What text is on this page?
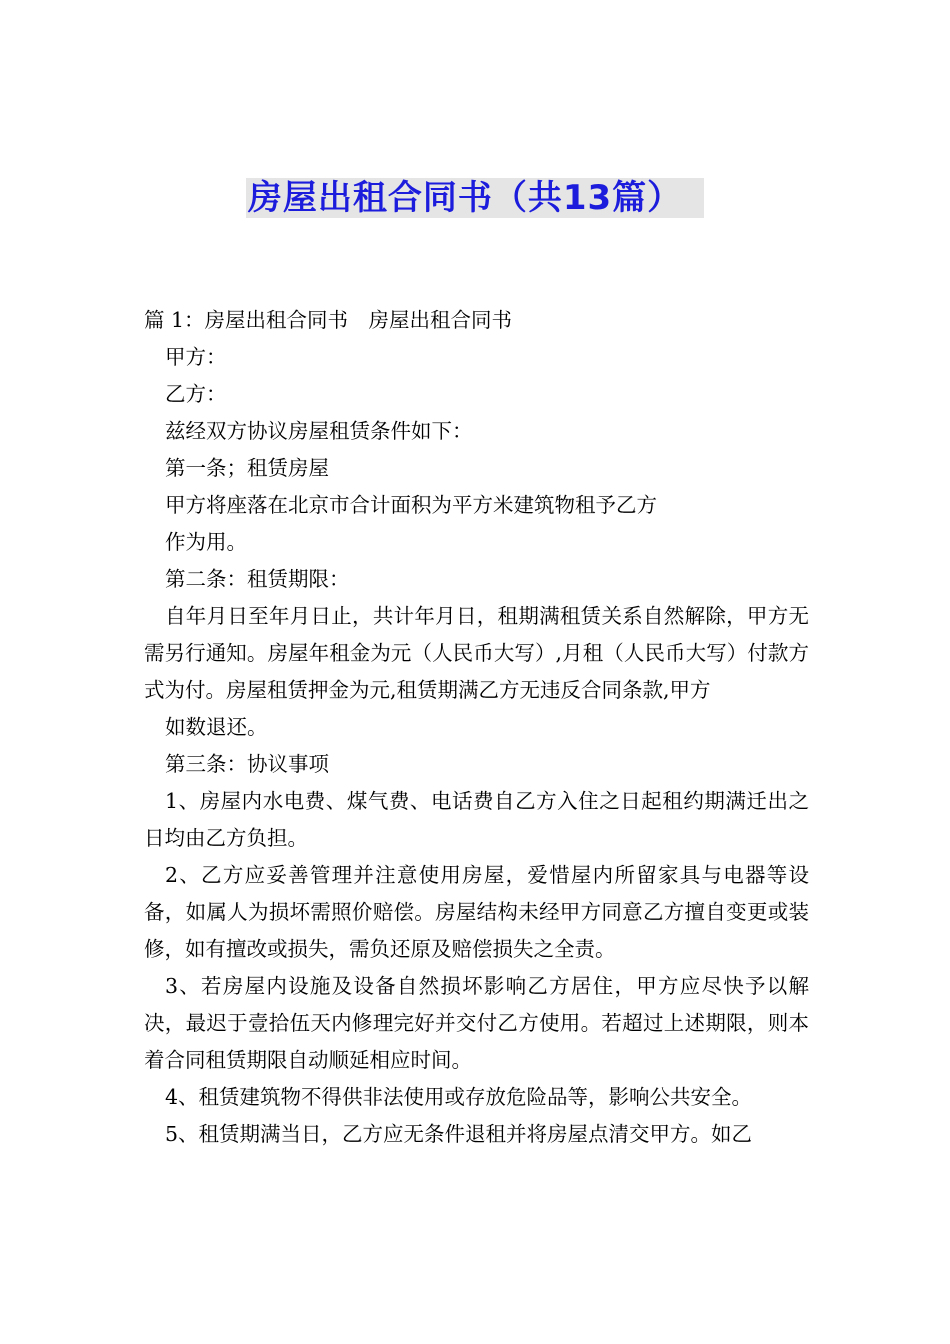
房屋出租合同书（共13篇）

篇 1：房屋出租合同书　房屋出租合同书

甲方：

乙方：

兹经双方协议房屋租赁条件如下：

第一条；租赁房屋

甲方将座落在北京市合计面积为平方米建筑物租予乙方

作为用。

第二条：租赁期限：

自年月日至年月日止，共计年月日，租期满租赁关系自然解除，甲方无需另行通知。房屋年租金为元（人民币大写）,月租（人民币大写）付款方式为付。房屋租赁押金为元,租赁期满乙方无违反合同条款,甲方

如数退还。

第三条：协议事项

1、房屋内水电费、煤气费、电话费自乙方入住之日起租约期满迁出之日均由乙方负担。

2、乙方应妥善管理并注意使用房屋，爱惜屋内所留家具与电器等设备，如属人为损坏需照价赔偿。房屋结构未经甲方同意乙方擅自变更或装修，如有擅改或损失，需负还原及赔偿损失之全责。

3、若房屋内设施及设备自然损坏影响乙方居住，甲方应尽快予以解决，最迟于壹拾伍天内修理完好并交付乙方使用。若超过上述期限，则本着合同租赁期限自动顺延相应时间。

4、租赁建筑物不得供非法使用或存放危险品等，影响公共安全。

5、租赁期满当日，乙方应无条件退租并将房屋点清交甲方。如乙
